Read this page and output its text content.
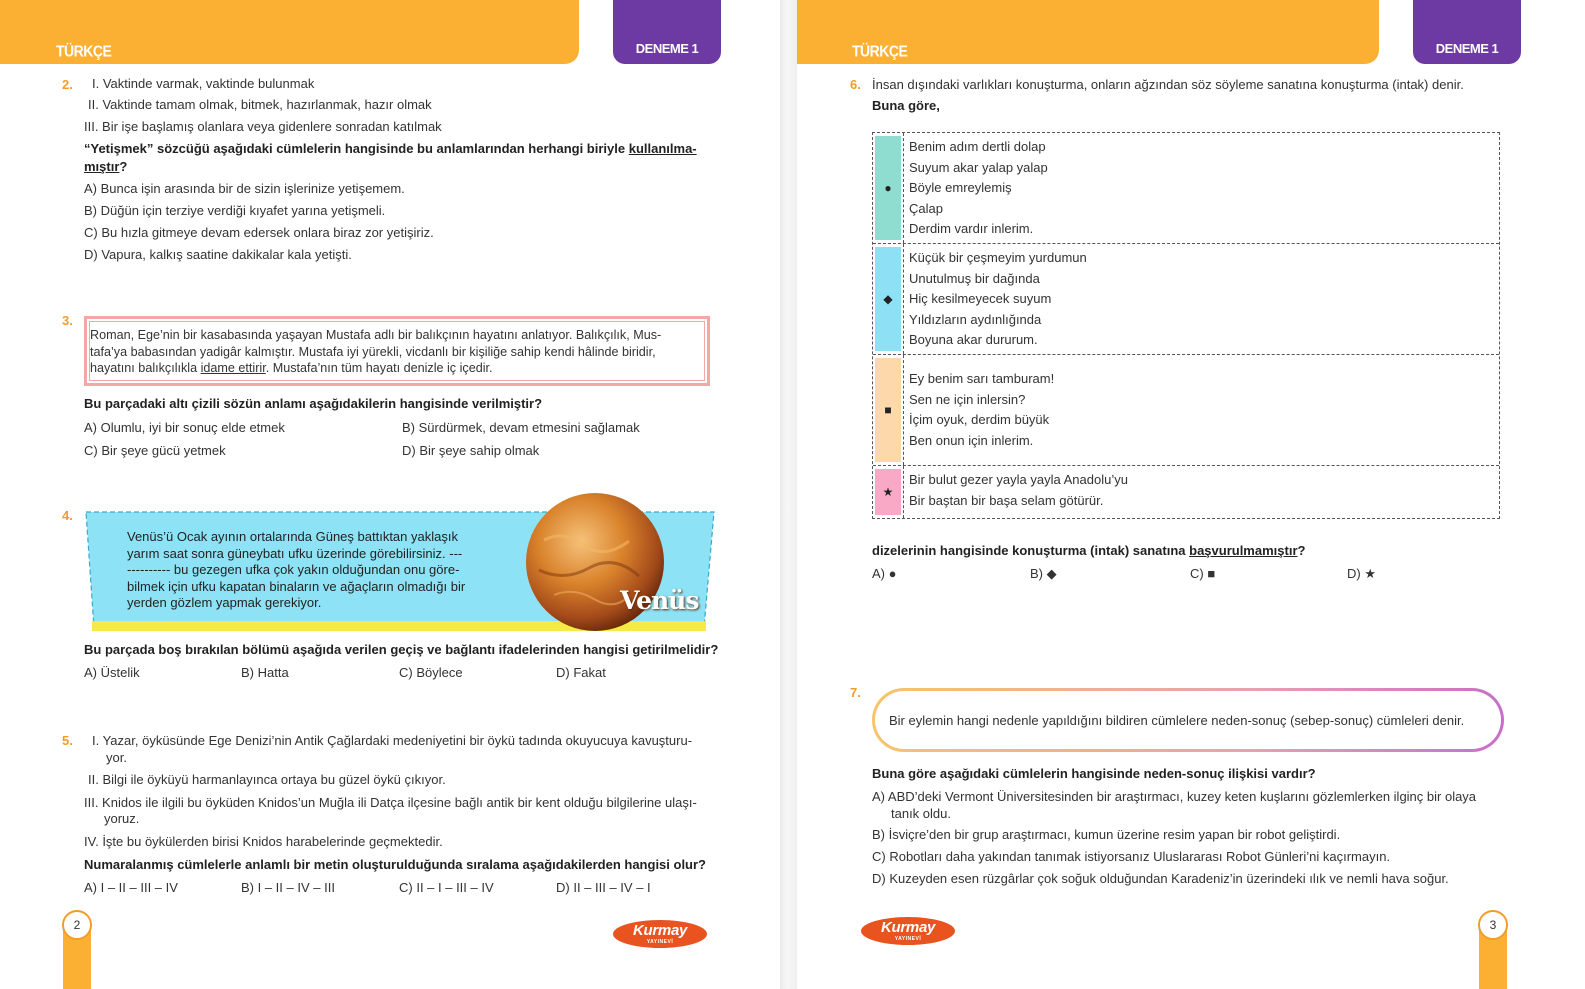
TÜRKÇE	DENEME 1
2. I. Vaktinde varmak, vaktinde bulunmak
II. Vaktinde tamam olmak, bitmek, hazırlanmak, hazır olmak
III. Bir işe başlamış olanlara veya gidenlere sonradan katılmak
“Yetişmek” sözcüğü aşağıdaki cümlelerin hangisinde bu anlamlarından herhangi biriyle kullanılma-
mıştır?
A) Bunca işin arasında bir de sizin işlerinize yetişemem.
B) Düğün için terziye verdiği kıyafet yarına yetişmeli.
C) Bu hızla gitmeye devam edersek onlara biraz zor yetişiriz.
D) Vapura, kalkış saatine dakikalar kala yetişti.
3.
Roman, Ege’nin bir kasabasında yaşayan Mustafa adlı bir balıkçının hayatını anlatıyor. Balıkçılık, Mus-
tafa’ya babasından yadigâr kalmıştır. Mustafa iyi yürekli, vicdanlı bir kişiliğe sahip kendi hâlinde biridir,
hayatını balıkçılıkla idame ettirir. Mustafa’nın tüm hayatı denizle iç içedir.
Bu parçadaki altı çizili sözün anlamı aşağıdakilerin hangisinde verilmiştir?
A) Olumlu, iyi bir sonuç elde etmek	B) Sürdürmek, devam etmesini sağlamak
C) Bir şeye gücü yetmek	D) Bir şeye sahip olmak
4.
Venüs’ü Ocak ayının ortalarında Güneş battıktan yaklaşık
yarım saat sonra güneybatı ufku üzerinde görebilirsiniz. ---
---------- bu gezegen ufka çok yakın olduğundan onu göre-
bilmek için ufku kapatan binaların ve ağaçların olmadığı bir
yerden gözlem yapmak gerekiyor.	Venüs
Bu parçada boş bırakılan bölümü aşağıda verilen geçiş ve bağlantı ifadelerinden hangisi getirilmelidir?
A) Üstelik	B) Hatta	C) Böylece	D) Fakat
5. I. Yazar, öyküsünde Ege Denizi’nin Antik Çağlardaki medeniyetini bir öykü tadında okuyucuya kavuşturu-
yor.
II. Bilgi ile öyküyü harmanlayınca ortaya bu güzel öykü çıkıyor.
III. Knidos ile ilgili bu öyküden Knidos’un Muğla ili Datça ilçesine bağlı antik bir kent olduğu bilgilerine ulaşı-
yoruz.
IV. İşte bu öykülerden birisi Knidos harabelerinde geçmektedir.
Numaralanmış cümlelerle anlamlı bir metin oluşturulduğunda sıralama aşağıdakilerden hangisi olur?
A) I – II – III – IV	B) I – II – IV – III	C) II – I – III – IV	D) II – III – IV – I
2	Kurmay
YAYINEVİ
TÜRKÇE	DENEME 1
6. İnsan dışındaki varlıkları konuşturma, onların ağzından söz söyleme sanatına konuşturma (intak) denir.
Buna göre,
●
Benim adım dertli dolap
Suyum akar yalap yalap
Böyle emreylemiş
Çalap
Derdim vardır inlerim.
◆
Küçük bir çeşmeyim yurdumun
Unutulmuş bir dağında
Hiç kesilmeyecek suyum
Yıldızların aydınlığında
Boyuna akar dururum.
■
Ey benim sarı tamburam!
Sen ne için inlersin?
İçim oyuk, derdim büyük
Ben onun için inlerim.
★
Bir bulut gezer yayla yayla Anadolu’yu
Bir baştan bir başa selam götürür.
dizelerinin hangisinde konuşturma (intak) sanatına başvurulmamıştır?
A) ●	B) ◆	C) ■	D) ★
7.
Bir eylemin hangi nedenle yapıldığını bildiren cümlelere neden-sonuç (sebep-sonuç) cümleleri denir.
Buna göre aşağıdaki cümlelerin hangisinde neden-sonuç ilişkisi vardır?
A) ABD’deki Vermont Üniversitesinden bir araştırmacı, kuzey keten kuşlarını gözlemlerken ilginç bir olaya
tanık oldu.
B) İsviçre’den bir grup araştırmacı, kumun üzerine resim yapan bir robot geliştirdi.
C) Robotları daha yakından tanımak istiyorsanız Uluslararası Robot Günleri’ni kaçırmayın.
D) Kuzeyden esen rüzgârlar çok soğuk olduğundan Karadeniz’in üzerindeki ılık ve nemli hava soğur.
Kurmay
YAYINEVİ
3
